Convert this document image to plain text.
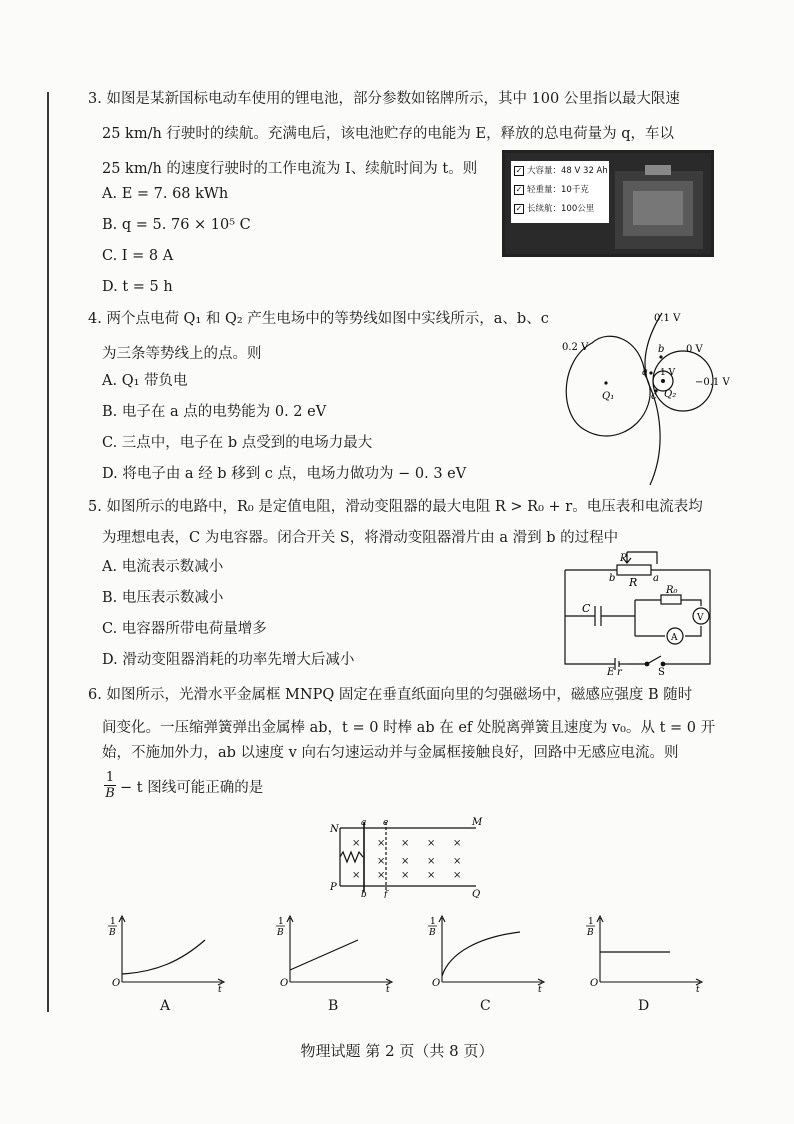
3. 如图是某新国标电动车使用的锂电池，部分参数如铭牌所示，其中 100 公里指以最大限速
25 km/h 行驶时的续航。充满电后，该电池贮存的电能为 E，释放的总电荷量为 q，车以
25 km/h 的速度行驶时的工作电流为 I、续航时间为 t。则
A. E = 7. 68 kWh
B. q = 5. 76 × 10⁵ C
C. I = 8 A
D. t = 5 h
✓ 大容量：48 V 32 Ah
✓ 轻重量：10千克
✓ 长续航：100公里
4. 两个点电荷 Q₁ 和 Q₂ 产生电场中的等势线如图中实线所示，a、b、c
为三条等势线上的点。则
A. Q₁ 带负电
B. 电子在 a 点的电势能为 0. 2 eV
C. 三点中，电子在 b 点受到的电场力最大
D. 将电子由 a 经 b 移到 c 点，电场力做功为 − 0. 3 eV
0.1 V
0.2 V	0 V
1 V
−0.1 V
a
b
c
Q₁	Q₂
5. 如图所示的电路中，R₀ 是定值电阻，滑动变阻器的最大电阻 R > R₀ + r。电压表和电流表均
为理想电表，C 为电容器。闭合开关 S，将滑动变阻器滑片由 a 滑到 b 的过程中
A. 电流表示数减小
B. 电压表示数减小
C. 电容器所带电荷量增多
D. 滑动变阻器消耗的功率先增大后减小
P
b R a
C
R₀
V
A
E r	S
6. 如图所示，光滑水平金属框 MNPQ 固定在垂直纸面向里的匀强磁场中，磁感应强度 B 随时
间变化。一压缩弹簧弹出金属棒 ab，t = 0 时棒 ab 在 ef 处脱离弹簧且速度为 v₀。从 t = 0 开
始，不施加外力，ab 以速度 v 向右匀速运动并与金属框接触良好，回路中无感应电流。则
$\frac{1}{B} - t$ 图线可能正确的是
×
×
×
×
×
×
×
×
×
×
×
×
×
×
N
a e	M
P
b f	Q
1
B
O
t
A
1
B
O
t
B
1
B
O
t
C
1
B
O
t
D
物理试题 第 2 页（共 8 页）
